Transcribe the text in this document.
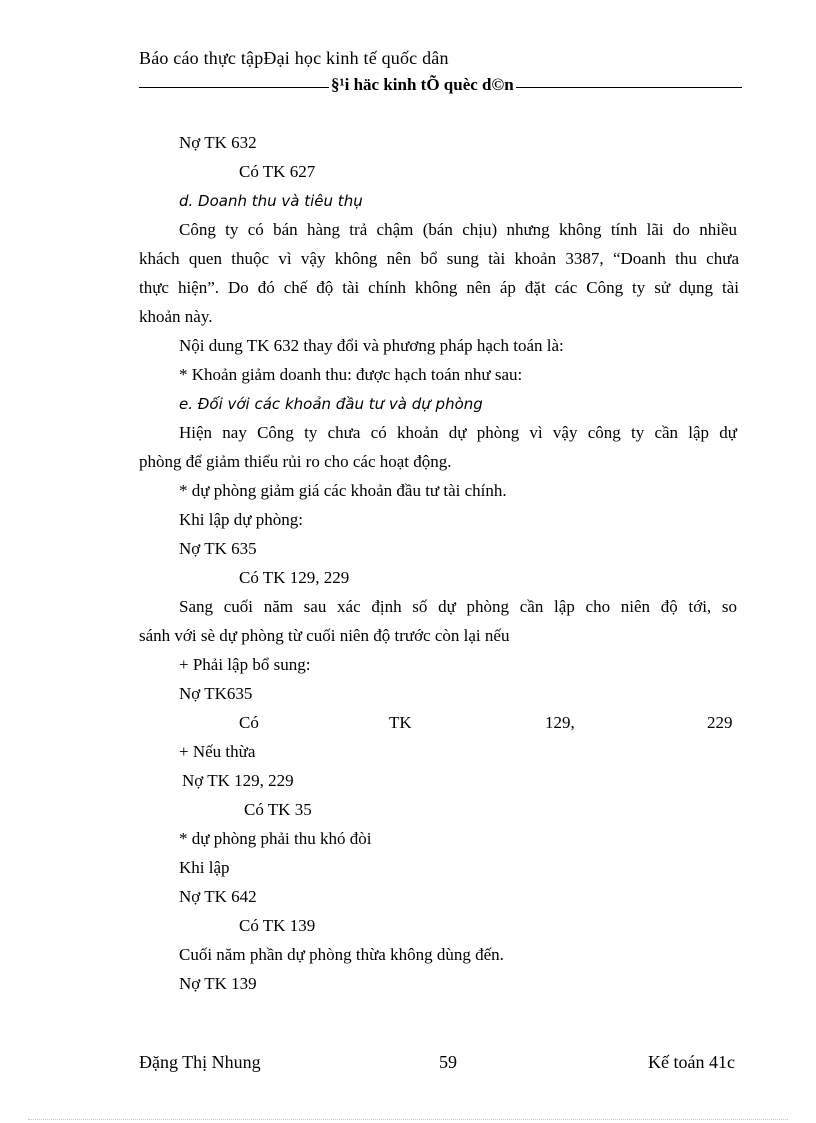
Báo cáo thực tậpĐại học kinh tế quốc dân
§¹i häc kinh tÕ quèc d©n
Nợ TK 632
Có TK 627
d. Doanh thu và tiêu thụ
Công ty có bán hàng trả chậm (bán chịu) nhưng không tính lãi do nhiều
khách quen thuộc vì vậy không nên bổ sung tài khoản 3387, “Doanh thu chưa
thực hiện”. Do đó chế độ tài chính không nên áp đặt các Công ty sử dụng tài
khoản này.
Nội dung TK 632 thay đổi và phương pháp hạch toán là:
* Khoản giảm doanh thu: được hạch toán như sau:
e. Đối với các khoản đầu tư và dự phòng
Hiện nay Công ty chưa có khoản dự phòng vì vậy công ty cần lập dự
phòng để giảm thiểu rủi ro cho các hoạt động.
* dự phòng giảm giá các khoản đầu tư tài chính.
Khi lập dự phòng:
Nợ TK 635
Có TK 129, 229
Sang cuối năm sau xác định số dự phòng cần lập cho niên độ tới, so
sánh với sè dự phòng từ cuối niên độ trước còn lại nếu
+ Phải lập bổ sung:
Nợ TK635
Có	TK	129,	229
+ Nếu thừa
Nợ TK 129, 229
Có TK 35
* dự phòng phải thu khó đòi
Khi lập
Nợ TK 642
Có TK 139
Cuối năm phần dự phòng thừa không dùng đến.
Nợ TK 139
Đặng Thị Nhung	59	Kế toán 41c
